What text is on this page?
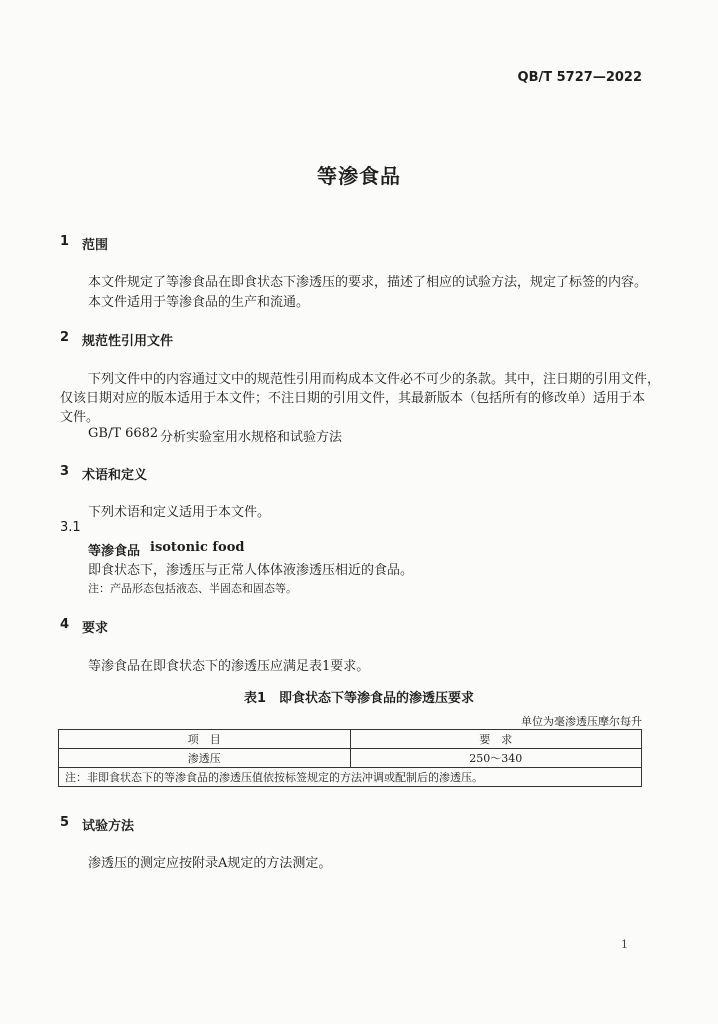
QB/T 5727—2022
等渗食品
1 范围

本文件规定了等渗食品在即食状态下渗透压的要求，描述了相应的试验方法，规定了标签的内容。

本文件适用于等渗食品的生产和流通。

2 规范性引用文件

下列文件中的内容通过文中的规范性引用而构成本文件必不可少的条款。其中，注日期的引用文件，

仅该日期对应的版本适用于本文件；不注日期的引用文件，其最新版本（包括所有的修改单）适用于本

文件。

GB/T 6682 分析实验室用水规格和试验方法

3 术语和定义

下列术语和定义适用于本文件。

3.1
等渗食品 isotonic food

即食状态下，渗透压与正常人体体液渗透压相近的食品。

注：产品形态包括液态、半固态和固态等。

4 要求

等渗食品在即食状态下的渗透压应满足表1要求。

表1　即食状态下等渗食品的渗透压要求
单位为毫渗透压摩尔每升
项　目	要　求
渗透压	250～340
注：非即食状态下的等渗食品的渗透压值依按标签规定的方法冲调或配制后的渗透压。	
5 试验方法

渗透压的测定应按附录A规定的方法测定。

1
